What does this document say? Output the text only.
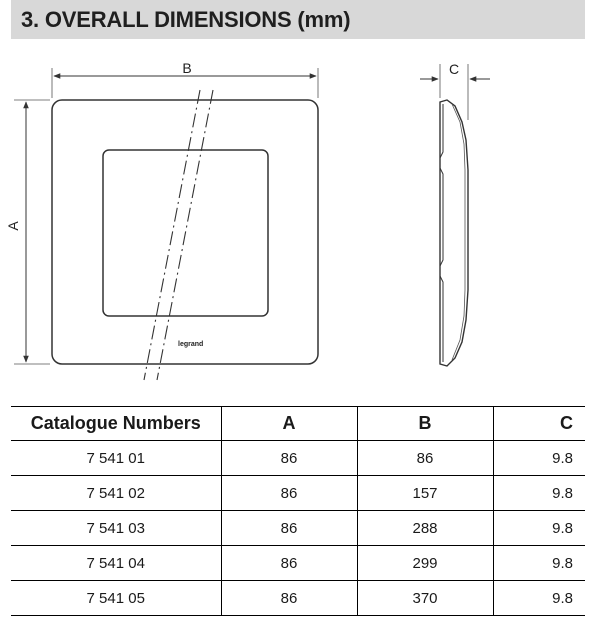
3. OVERALL DIMENSIONS (mm)
legrand
B
A
C
Catalogue Numbers	A	B	C
7 541 01	86	86	9.8
7 541 02	86	157	9.8
7 541 03	86	288	9.8
7 541 04	86	299	9.8
7 541 05	86	370	9.8
